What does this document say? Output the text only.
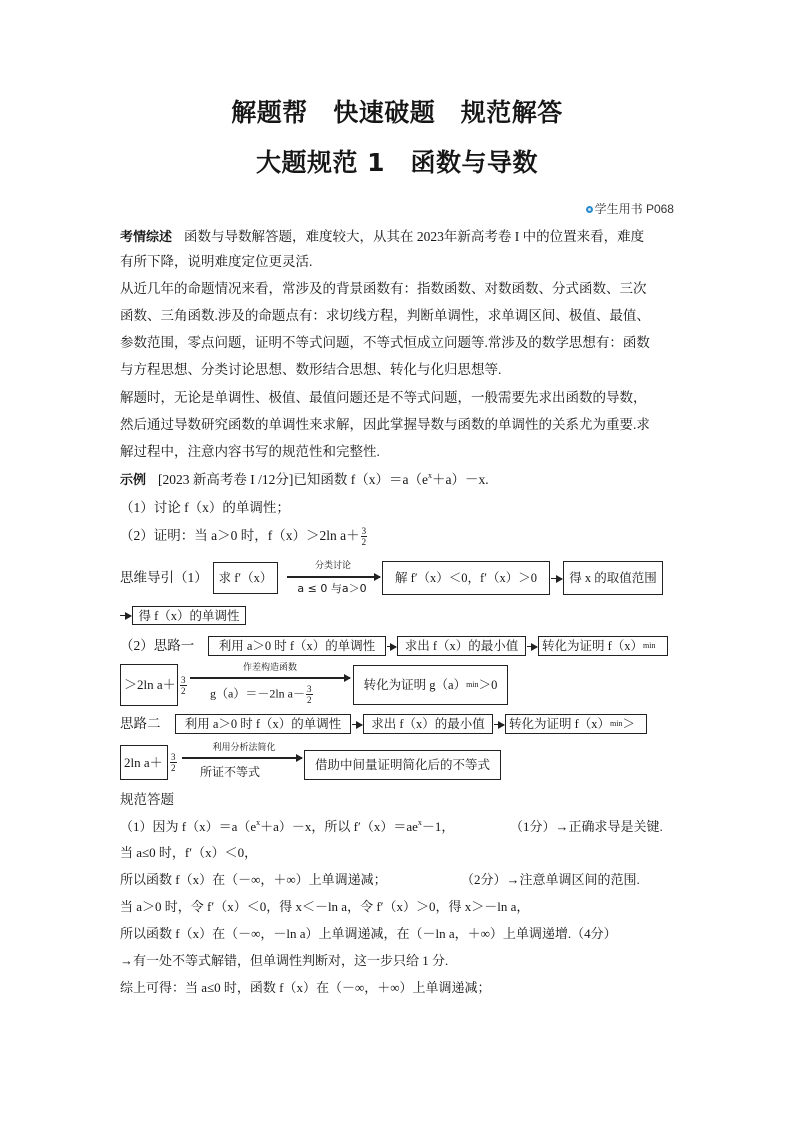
解题帮　快速破题　规范解答
大题规范 1　函数与导数
学生用书 P068
考情综述 函数与导数解答题，难度较大，从其在 2023年新高考卷 I 中的位置来看，难度
有所下降，说明难度定位更灵活.
从近几年的命题情况来看，常涉及的背景函数有：指数函数、对数函数、分式函数、三次
函数、三角函数.涉及的命题点有：求切线方程，判断单调性，求单调区间、极值、最值、
参数范围，零点问题，证明不等式问题，不等式恒成立问题等.常涉及的数学思想有：函数
与方程思想、分类讨论思想、数形结合思想、转化与化归思想等.
解题时，无论是单调性、极值、最值问题还是不等式问题，一般需要先求出函数的导数，
然后通过导数研究函数的单调性来求解，因此掌握导数与函数的单调性的关系尤为重要.求
解过程中，注意内容书写的规范性和完整性.
示例 [2023 新高考卷 I /12分]已知函数 $f(x)=a(e^x+a)-x$.
（1）讨论 f（x）的单调性；
（2）证明：当 a＞0 时，f（x）＞2ln $a+ \frac{3}{2}$
思维导引（1） 求 f′（x）
分类讨论
a ≤ 0 与a＞0
解 f′（x）＜0，f′（x）＞0	得 x 的取值范围
得 f（x）的单调性
（2）思路一 利用 a＞0 时 f（x）的单调性 求出 f（x）的最小值 转化为证明 f（x） min
＞2ln $a+ \frac{3}{2}$
作差构造函数
g（a）＝－2ln $a- \frac{3}{2}$	转化为证明 g（a） min ＞0
思路二 利用 a＞0 时 f（x）的单调性 求出 f（x）的最小值 转化为证明 f（x） min ＞
2ln $a+ \frac{3}{2}$
利用分析法简化
所证不等式	借助中间量证明简化后的不等式
规范答题
（1）因为 $f(x)=a(e^x+a)-x$，所以 $f'(x)=ae^x-1$，	（1分）→正确求导是关键.
当 a≤0 时，f′（x）＜0，
所以函数 f（x）在（－∞，＋∞）上单调递减；	（2分）→注意单调区间的范围.
当 a＞0 时，令 f′（x）＜0，得 x＜－ln a，令 f′（x）＞0，得 x＞－ln a，
所以函数 f（x）在（－∞，－ln a）上单调递减，在（－ln a，＋∞）上单调递增.（4分）
→有一处不等式解错，但单调性判断对，这一步只给 1 分.
综上可得：当 a≤0 时，函数 f（x）在（－∞，＋∞）上单调递减；
